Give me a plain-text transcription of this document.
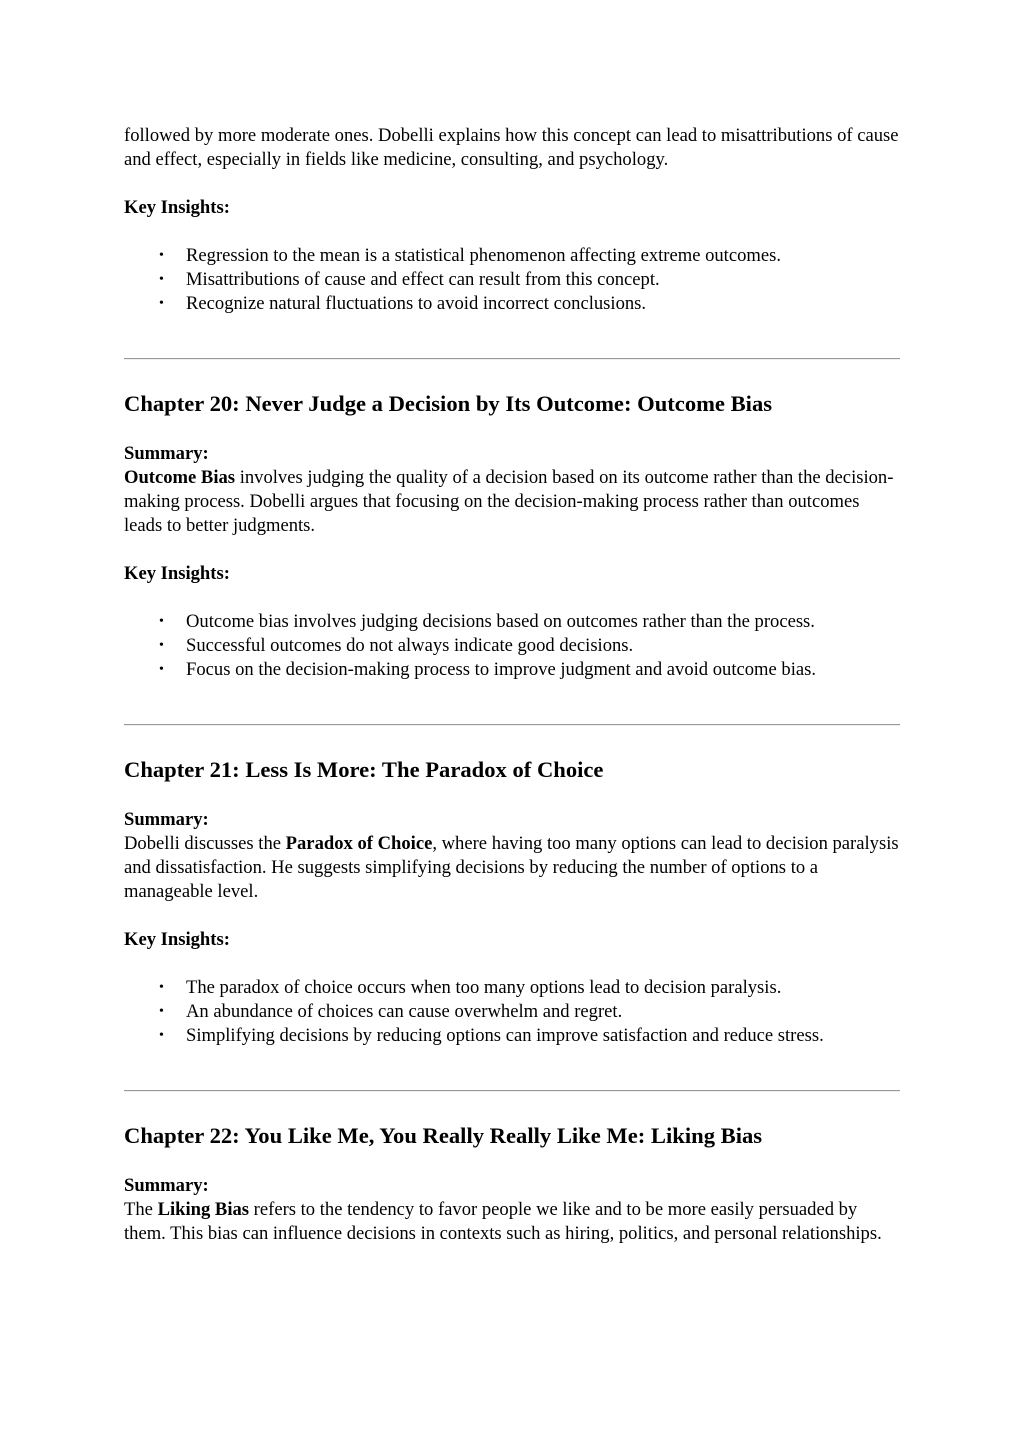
followed by more moderate ones. Dobelli explains how this concept can lead to misattributions of cause and effect, especially in fields like medicine, consulting, and psychology.

Key Insights:

• Regression to the mean is a statistical phenomenon affecting extreme outcomes.
• Misattributions of cause and effect can result from this concept.
• Recognize natural fluctuations to avoid incorrect conclusions.
Chapter 20: Never Judge a Decision by Its Outcome: Outcome Bias

Summary:

Outcome Bias involves judging the quality of a decision based on its outcome rather than the decision-making process. Dobelli argues that focusing on the decision-making process rather than outcomes leads to better judgments.

Key Insights:

• Outcome bias involves judging decisions based on outcomes rather than the process.
• Successful outcomes do not always indicate good decisions.
• Focus on the decision-making process to improve judgment and avoid outcome bias.
Chapter 21: Less Is More: The Paradox of Choice

Summary:

Dobelli discusses the Paradox of Choice, where having too many options can lead to decision paralysis and dissatisfaction. He suggests simplifying decisions by reducing the number of options to a manageable level.

Key Insights:

• The paradox of choice occurs when too many options lead to decision paralysis.
• An abundance of choices can cause overwhelm and regret.
• Simplifying decisions by reducing options can improve satisfaction and reduce stress.
Chapter 22: You Like Me, You Really Really Like Me: Liking Bias

Summary:

The Liking Bias refers to the tendency to favor people we like and to be more easily persuaded by them. This bias can influence decisions in contexts such as hiring, politics, and personal relationships.
